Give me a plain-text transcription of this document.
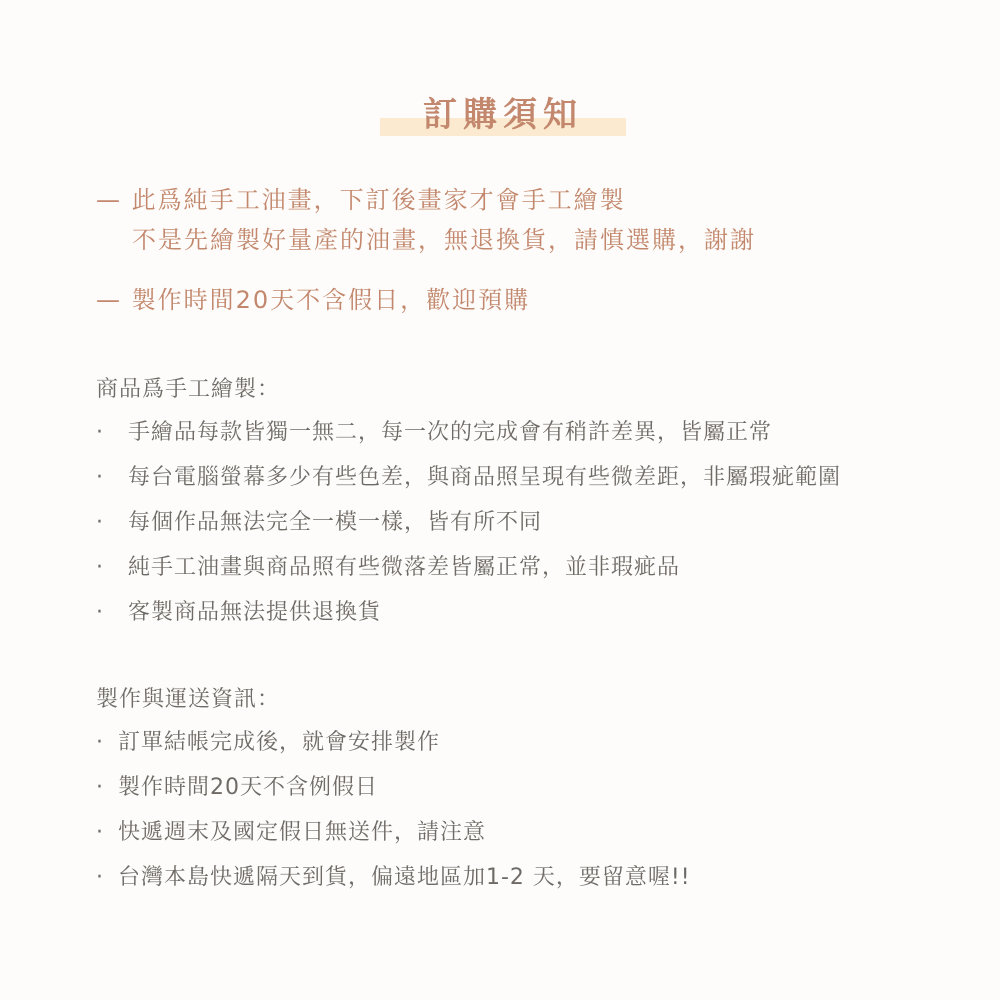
訂購須知
— 此爲純手工油畫，下訂後畫家才會手工繪製
不是先繪製好量產的油畫，無退換貨，請慎選購，謝謝
— 製作時間20天不含假日，歡迎預購
商品爲手工繪製：
· 手繪品每款皆獨一無二，每一次的完成會有稍許差異，皆屬正常
· 每台電腦螢幕多少有些色差，與商品照呈現有些微差距，非屬瑕疵範圍
· 每個作品無法完全一模一樣，皆有所不同
· 純手工油畫與商品照有些微落差皆屬正常，並非瑕疵品
· 客製商品無法提供退換貨
製作與運送資訊：
· 訂單結帳完成後，就會安排製作
· 製作時間20天不含例假日
· 快遞週末及國定假日無送件，請注意
· 台灣本島快遞隔天到貨，偏遠地區加1-2 天，要留意喔!!
